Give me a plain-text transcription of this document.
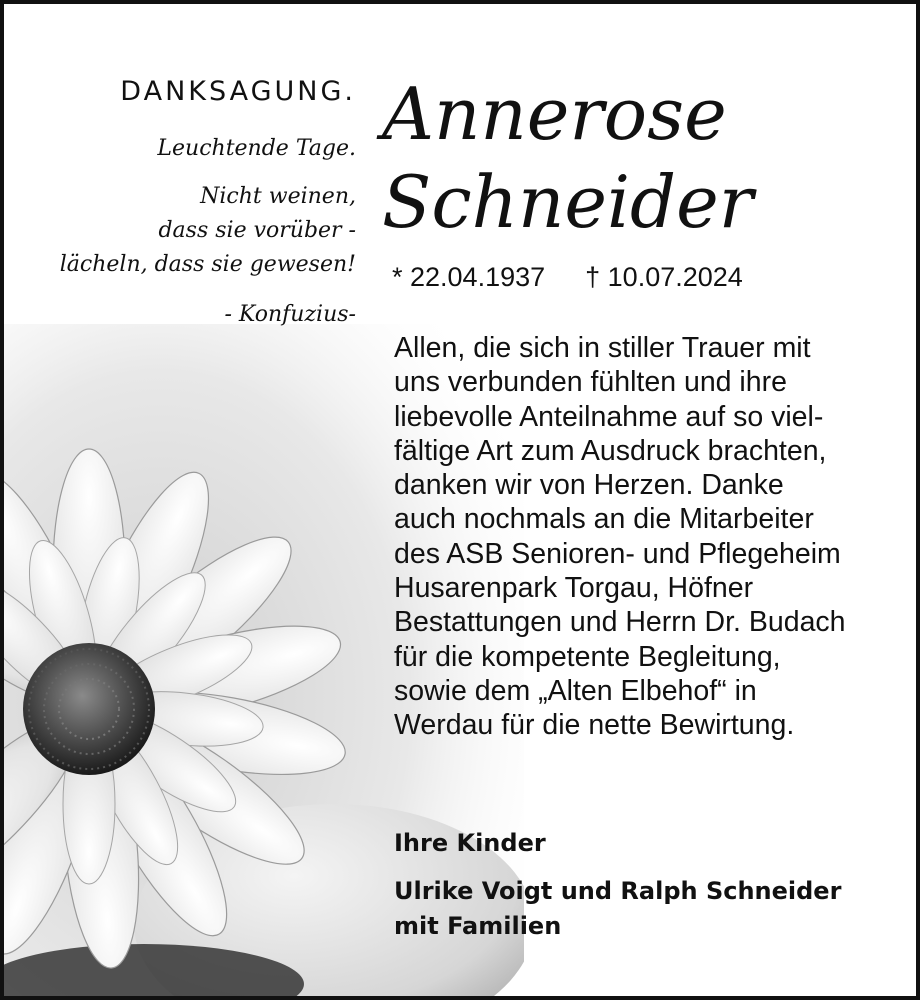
DANKSAGUNG.
Leuchtende Tage.
Nicht weinen,
dass sie vorüber -
lächeln, dass sie gewesen!
- Konfuzius-
Annerose
Schneider
* 22.04.1937 † 10.07.2024
Allen, die sich in stiller Trauer mit
uns verbunden fühlten und ihre
liebevolle Anteilnahme auf so viel-
fältige Art zum Ausdruck brachten,
danken wir von Herzen. Danke
auch nochmals an die Mitarbeiter
des ASB Senioren- und Pflegeheim
Husarenpark Torgau, Höfner
Bestattungen und Herrn Dr. Budach
für die kompetente Begleitung,
sowie dem „Alten Elbehof“ in
Werdau für die nette Bewirtung.
Ihre Kinder
Ulrike Voigt und Ralph Schneider
mit Familien
